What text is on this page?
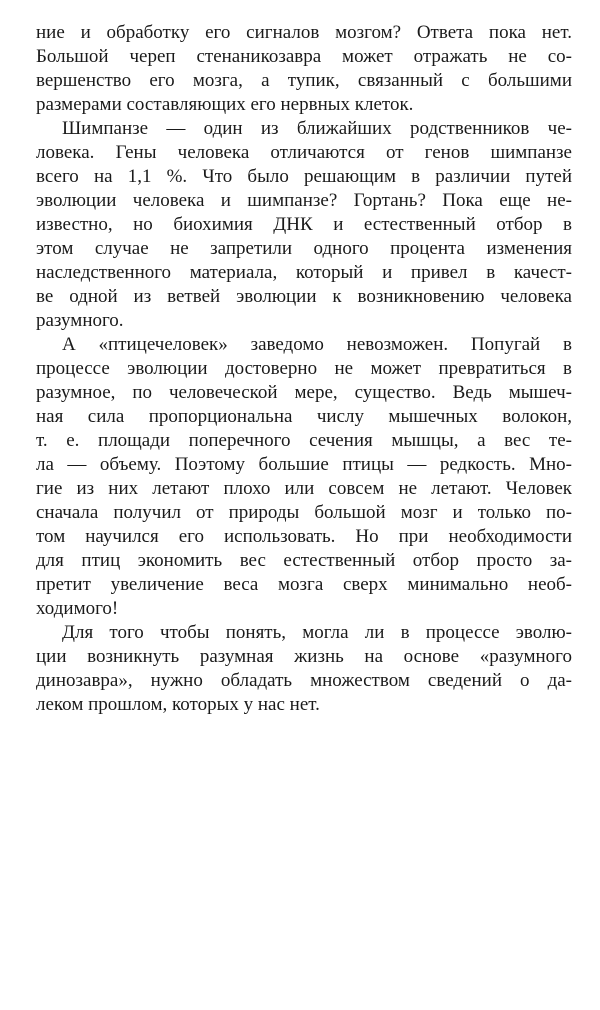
ние и обработку его сигналов мозгом? Ответа пока нет.
Большой череп стенаникозавра может отражать не со-
вершенство его мозга, а тупик, связанный с большими
размерами составляющих его нервных клеток.
Шимпанзе — один из ближайших родственников че-
ловека. Гены человека отличаются от генов шимпанзе
всего на 1,1 %. Что было решающим в различии путей
эволюции человека и шимпанзе? Гортань? Пока еще не-
известно, но биохимия ДНК и естественный отбор в
этом случае не запретили одного процента изменения
наследственного материала, который и привел в качест-
ве одной из ветвей эволюции к возникновению человека
разумного.
А «птицечеловек» заведомо невозможен. Попугай в
процессе эволюции достоверно не может превратиться в
разумное, по человеческой мере, существо. Ведь мышеч-
ная сила пропорциональна числу мышечных волокон,
т. е. площади поперечного сечения мышцы, а вес те-
ла — объему. Поэтому большие птицы — редкость. Мно-
гие из них летают плохо или совсем не летают. Человек
сначала получил от природы большой мозг и только по-
том научился его использовать. Но при необходимости
для птиц экономить вес естественный отбор просто за-
претит увеличение веса мозга сверх минимально необ-
ходимого!
Для того чтобы понять, могла ли в процессе эволю-
ции возникнуть разумная жизнь на основе «разумного
динозавра», нужно обладать множеством сведений о да-
леком прошлом, которых у нас нет.
